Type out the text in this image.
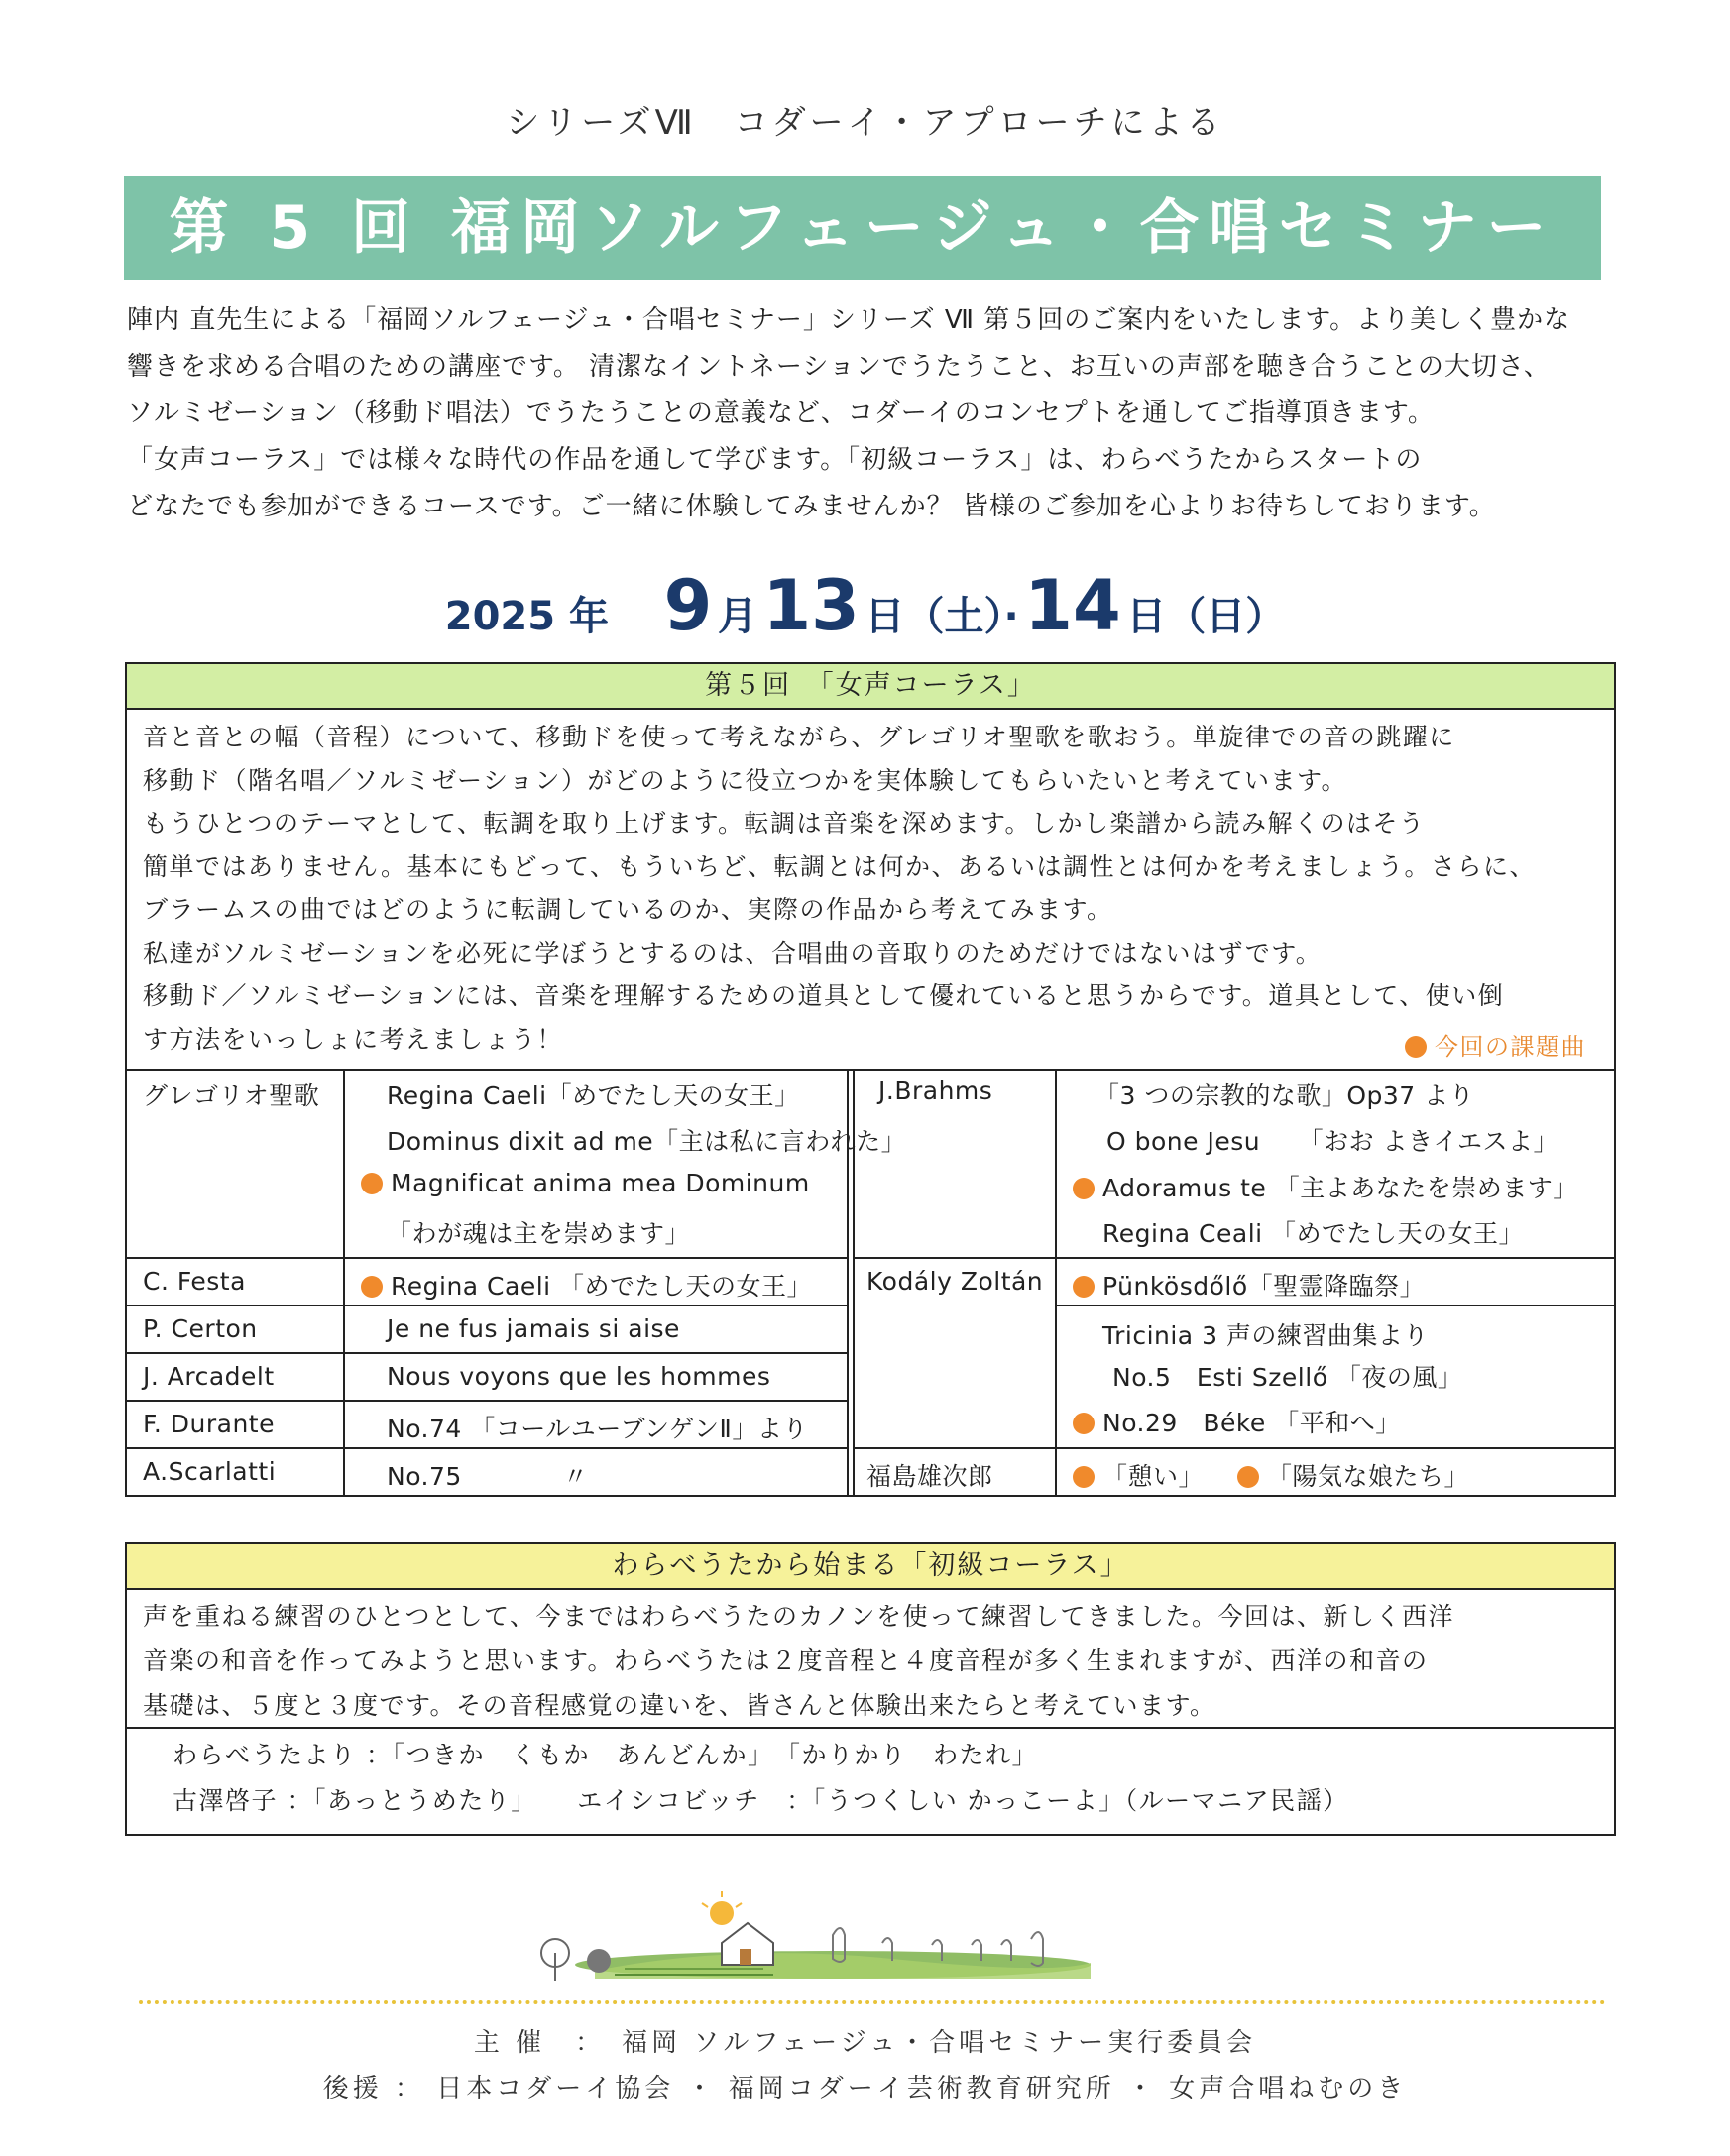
シリーズⅦ　コダーイ・アプローチによる
第 5 回 福岡ソルフェージュ・合唱セミナー

陣内 直先生による「福岡ソルフェージュ・合唱セミナー」シリーズ Ⅶ 第５回のご案内をいたします。より美しく豊かな

響きを求める合唱のための講座です。 清潔なイントネーションでうたうこと、お互いの声部を聴き合うことの大切さ、

ソルミゼーション（移動ド唱法）でうたうことの意義など、コダーイのコンセプトを通してご指導頂きます。

「女声コーラス」では様々な時代の作品を通して学びます。「初級コーラス」は、わらべうたからスタートの

どなたでも参加ができるコースです。ご一緒に体験してみませんか？ 皆様のご参加を心よりお待ちしております。

2025 年 9 月 13 日（土）· 14 日（日）
第５回　「女声コーラス」

音と音との幅（音程）について、移動ドを使って考えながら、グレゴリオ聖歌を歌おう。単旋律での音の跳躍に

移動ド（階名唱／ソルミゼーション）がどのように役立つかを実体験してもらいたいと考えています。

もうひとつのテーマとして、転調を取り上げます。転調は音楽を深めます。しかし楽譜から読み解くのはそう

簡単ではありません。基本にもどって、もういちど、転調とは何か、あるいは調性とは何かを考えましょう。さらに、

ブラームスの曲ではどのように転調しているのか、実際の作品から考えてみます。

私達がソルミゼーションを必死に学ぼうとするのは、合唱曲の音取りのためだけではないはずです。

移動ド／ソルミゼーションには、音楽を理解するための道具として優れていると思うからです。道具として、使い倒

す方法をいっしょに考えましょう！	今回の課題曲
グレゴリオ聖歌	Regina Caeli「めでたし天の女王」
Dominus dixit ad me「主は私に言われた」
Magnificat anima mea Dominum
「わが魂は主を崇めます」
C. Festa	Regina Caeli 「めでたし天の女王」
P. Certon	Je ne fus jamais si aise
J. Arcadelt	Nous voyons que les hommes
F. Durante	No.74 「コールユーブンゲンⅡ」より
A.Scarlatti	No.75　　　　〃
J.Brahms	「3 つの宗教的な歌」Op37 より
O bone Jesu　　「おお よきイエスよ」
Adoramus te 「主よあなたを崇めます」
Regina Ceali 「めでたし天の女王」
Kodály Zoltán	Pünkösdőlő「聖霊降臨祭」
Tricinia 3 声の練習曲集より
No.5　Esti Szellő 「夜の風」
No.29　Béke 「平和へ」
福島雄次郎	「憩い」	「陽気な娘たち」
わらべうたから始まる「初級コーラス」

声を重ねる練習のひとつとして、今まではわらべうたのカノンを使って練習してきました。今回は、新しく西洋

音楽の和音を作ってみようと思います。わらべうたは２度音程と４度音程が多く生まれますが、西洋の和音の

基礎は、５度と３度です。その音程感覚の違いを、皆さんと体験出来たらと考えています。

わらべうたより ：「つきか　くもか　あんどんか」　「かりかり　わたれ」

古澤啓子 ：「あっとうめたり」　　エイシコビッチ　：「うつくしい かっこーよ」（ルーマニア民謡）

主 催　：　福岡 ソルフェージュ・合唱セミナー実行委員会
後援 ： 日本コダーイ協会 ・ 福岡コダーイ芸術教育研究所 ・ 女声合唱ねむのき
